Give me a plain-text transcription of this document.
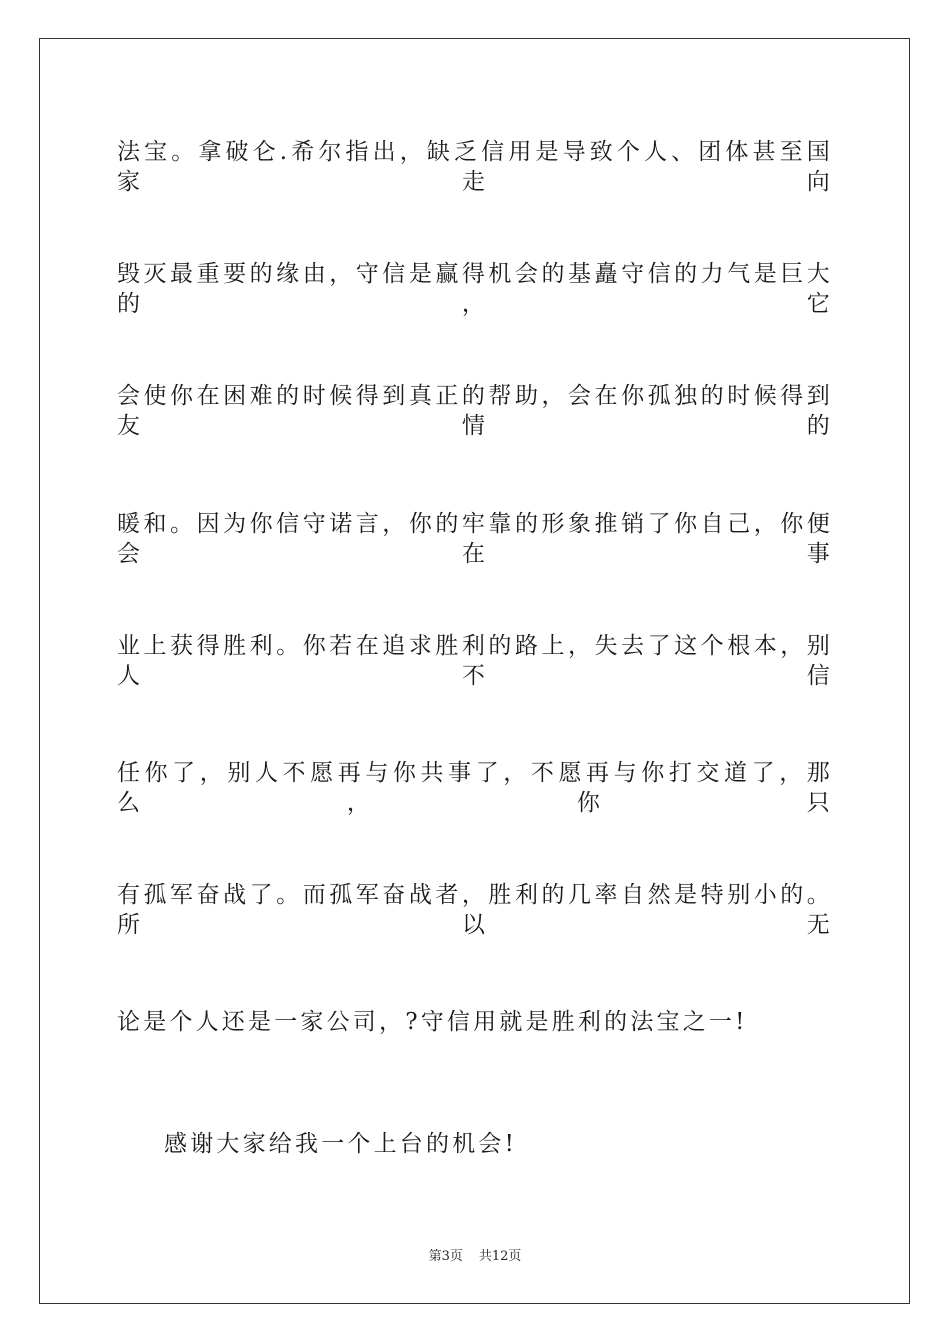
法宝。拿破仑.希尔指出，缺乏信用是导致个人、团体甚至国家走向
毁灭最重要的缘由，守信是赢得机会的基矗守信的力气是巨大的，它
会使你在困难的时候得到真正的帮助，会在你孤独的时候得到友情的
暖和。因为你信守诺言，你的牢靠的形象推销了你自己，你便会在事
业上获得胜利。你若在追求胜利的路上，失去了这个根本，别人不信
任你了，别人不愿再与你共事了，不愿再与你打交道了，那么，你只
有孤军奋战了。而孤军奋战者，胜利的几率自然是特别小的。所以无
论是个人还是一家公司，?守信用就是胜利的法宝之一!
感谢大家给我一个上台的机会!
第3页 共12页
